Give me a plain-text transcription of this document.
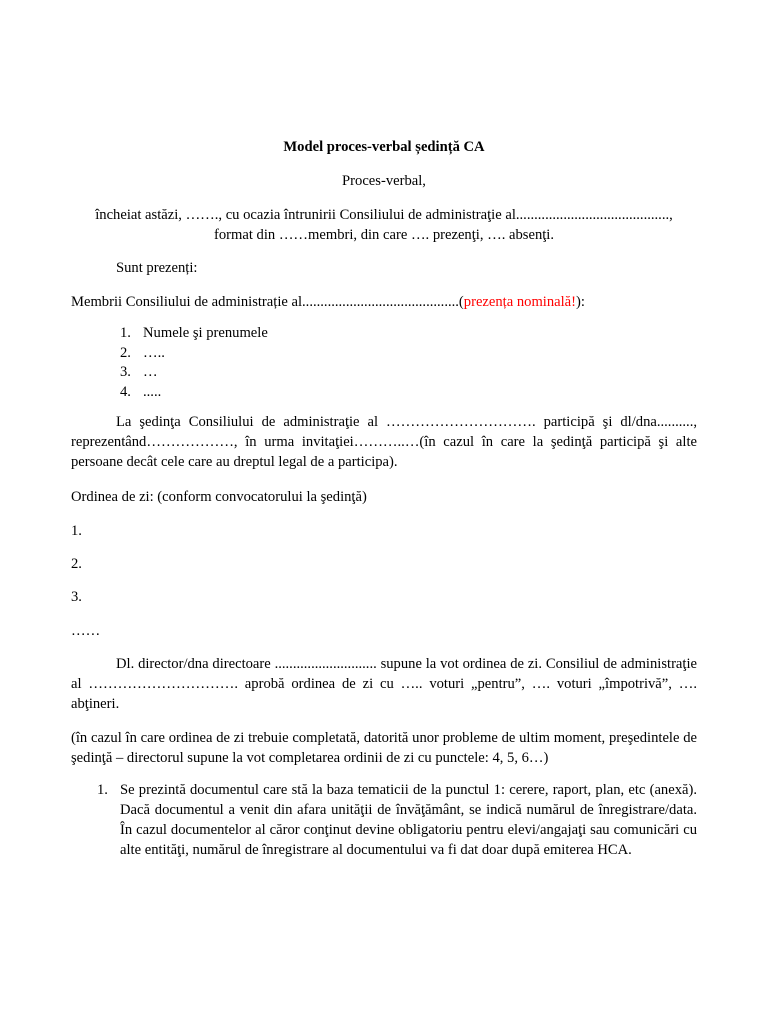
Model proces-verbal ședință CA
Proces-verbal,
încheiat astăzi, ……., cu ocazia întrunirii Consiliului de administraţie al..........................................,
format din ……membri, din care …. prezenţi, …. absenţi.
Sunt prezenți:
Membrii Consiliului de administrație al...........................................(prezența nominală!):
1. Numele şi prenumele
2. …..
3. …
4. .....
La şedinţa Consiliului de administraţie al …………………………. participă şi dl/dna.........., reprezentând………………, în urma invitaţiei………..…(în cazul în care la şedinţă participă şi alte persoane decât cele care au dreptul legal de a participa).
Ordinea de zi: (conform convocatorului la şedinţă)
1.
2.
3.
……
Dl. director/dna directoare ............................ supune la vot ordinea de zi. Consiliul de administraţie al …………………………. aprobă ordinea de zi cu ….. voturi „pentru”, …. voturi „împotrivă”, …. abţineri.
(în cazul în care ordinea de zi trebuie completată, datorită unor probleme de ultim moment, preşedintele de şedinţă – directorul supune la vot completarea ordinii de zi cu punctele: 4, 5, 6…)
1. Se prezintă documentul care stă la baza tematicii de la punctul 1: cerere, raport, plan, etc (anexă). Dacă documentul a venit din afara unităţii de învăţământ, se indică numărul de înregistrare/data. În cazul documentelor al căror conţinut devine obligatoriu pentru elevi/angajaţi sau comunicări cu alte entităţi, numărul de înregistrare al documentului va fi dat doar după emiterea HCA.
